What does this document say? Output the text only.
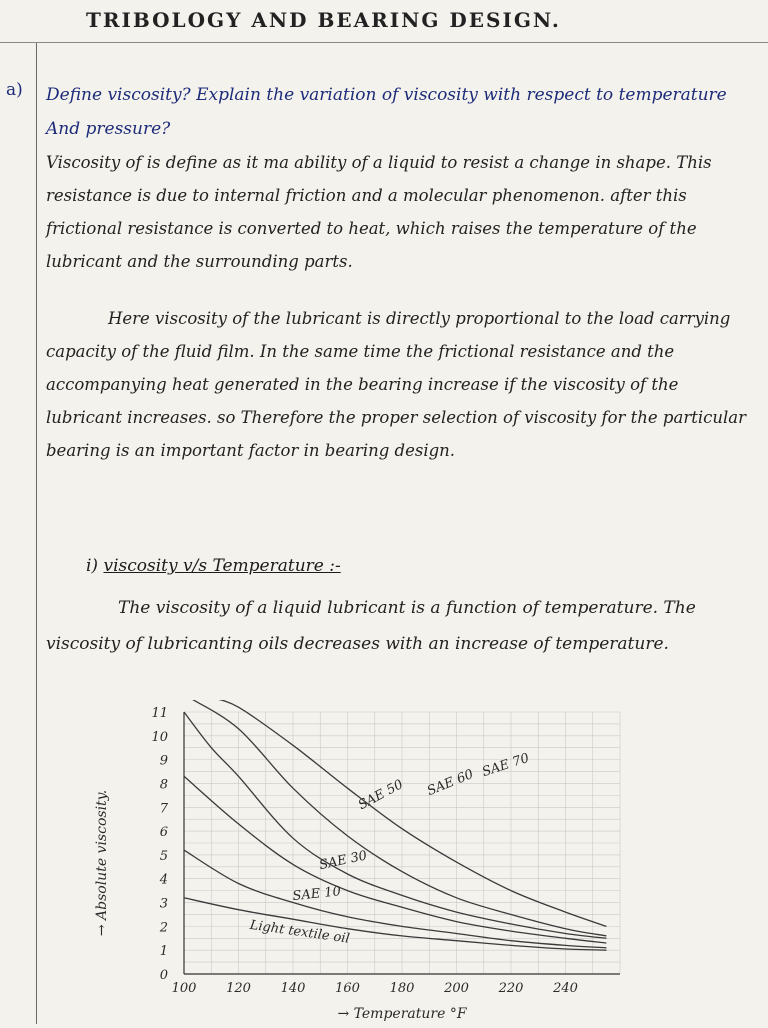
TRIBOLOGY AND BEARING DESIGN.
a) Define viscosity? Explain the variation of viscosity with respect to temperature And pressure?
Viscosity of is define as it ma ability of a liquid to resist a change in shape. This resistance is due to internal friction and a molecular phenomenon. after this frictional resistance is converted to heat, which raises the temperature of the lubricant and the surrounding parts.
Here viscosity of the lubricant is directly proportional to the load carrying capacity of the fluid film. In the same time the frictional resistance and the accompanying heat generated in the bearing increase if the viscosity of the lubricant increases. so Therefore the proper selection of viscosity for the particular bearing is an important factor in bearing design.
i) viscosity v/s Temperature :-
The viscosity of a liquid lubricant is a function of temperature. The viscosity of lubricanting oils decreases with an increase of temperature.
0
1
2
3
4
5
6
7
8
9
10
11
100 120 140 160 180 200 220 240
SAE 70
SAE 60
SAE 50
SAE 30
SAE 10
Light textile oil
→ Temperature °F
→ Absolute viscosity.
